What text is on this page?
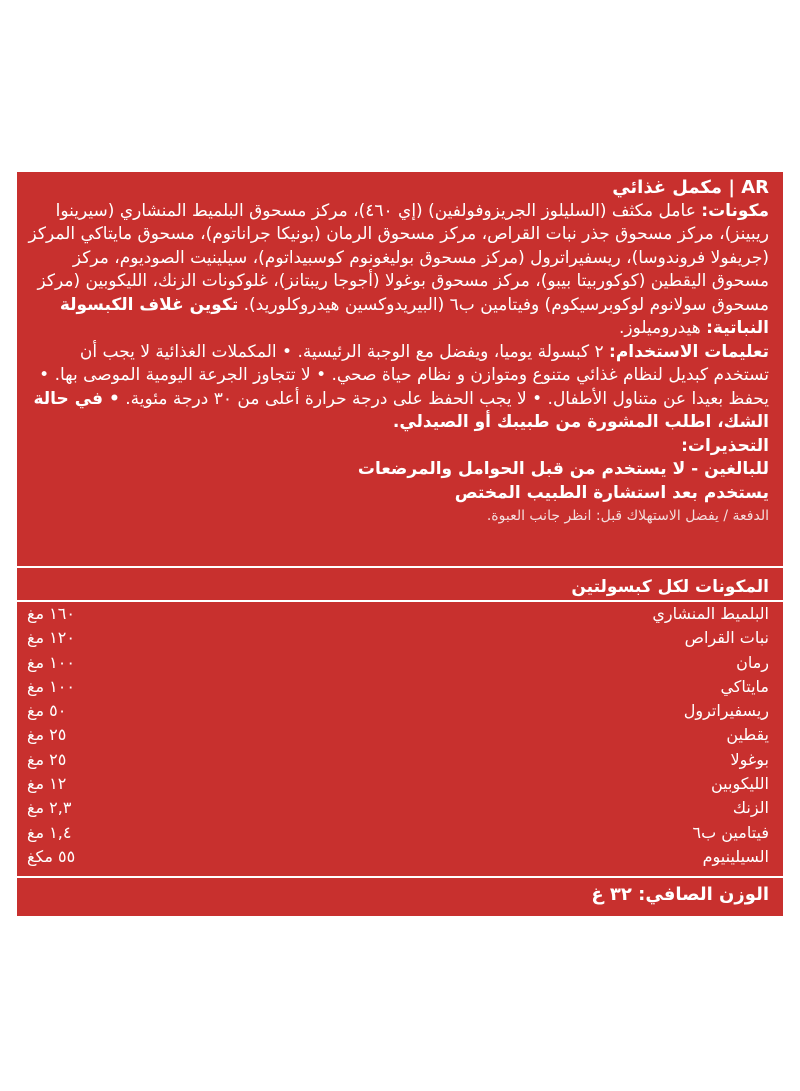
AR | مكمل غذائي

مكونات: عامل مكثف (السليلوز الجريزوفولفين) (إي ٤٦٠)، مركز مسحوق البلميط المنشاري (سيرينوا ريبينز)، مركز مسحوق جذر نبات القراص، مركز مسحوق الرمان (بونيكا جراناتوم)، مسحوق مايتاكي المركز (جريفولا فروندوسا)، ريسفيراترول (مركز مسحوق بوليغونوم كوسبيداتوم)، سيلينيت الصوديوم، مركز مسحوق اليقطين (كوكوربيتا بيبو)، مركز مسحوق بوغولا (أجوجا ريبتانز)، غلوكونات الزنك، الليكوبين (مركز مسحوق سولانوم لوكوبرسيكوم) وفيتامين ب٦ (البيريدوكسين هيدروكلوريد). تكوين غلاف الكبسولة النباتية: هيدروميلوز.

تعليمات الاستخدام: ٢ كبسولة يوميا، ويفضل مع الوجبة الرئيسية. • المكملات الغذائية لا يجب أن تستخدم كبديل لنظام غذائي متنوع ومتوازن و نظام حياة صحي. • لا تتجاوز الجرعة اليومية الموصى بها. • يحفظ بعيدا عن متناول الأطفال. • لا يجب الحفظ على درجة حرارة أعلى من ٣٠ درجة مئوية. • في حالة الشك، اطلب المشورة من طبيبك أو الصيدلي.

التحذيرات:
للبالغين - لا يستخدم من قبل الحوامل والمرضعات
يستخدم بعد استشارة الطبيب المختص
الدفعة / يفضل الاستهلاك قبل: انظر جانب العبوة.
المكونات لكل كبسولتين
البلميط المنشاري
١٦٠ مغ
نبات القراص
١٢٠ مغ
رمان
١٠٠ مغ
مايتاكي
١٠٠ مغ
ريسفيراترول
٥٠ مغ
يقطين
٢٥ مغ
بوغولا
٢٥ مغ
الليكوبين
١٢ مغ
الزنك
٢,٣ مغ
فيتامين ب٦
١,٤ مغ
السيلينيوم
٥٥ مكغ
الوزن الصافي: ٣٢ غ
